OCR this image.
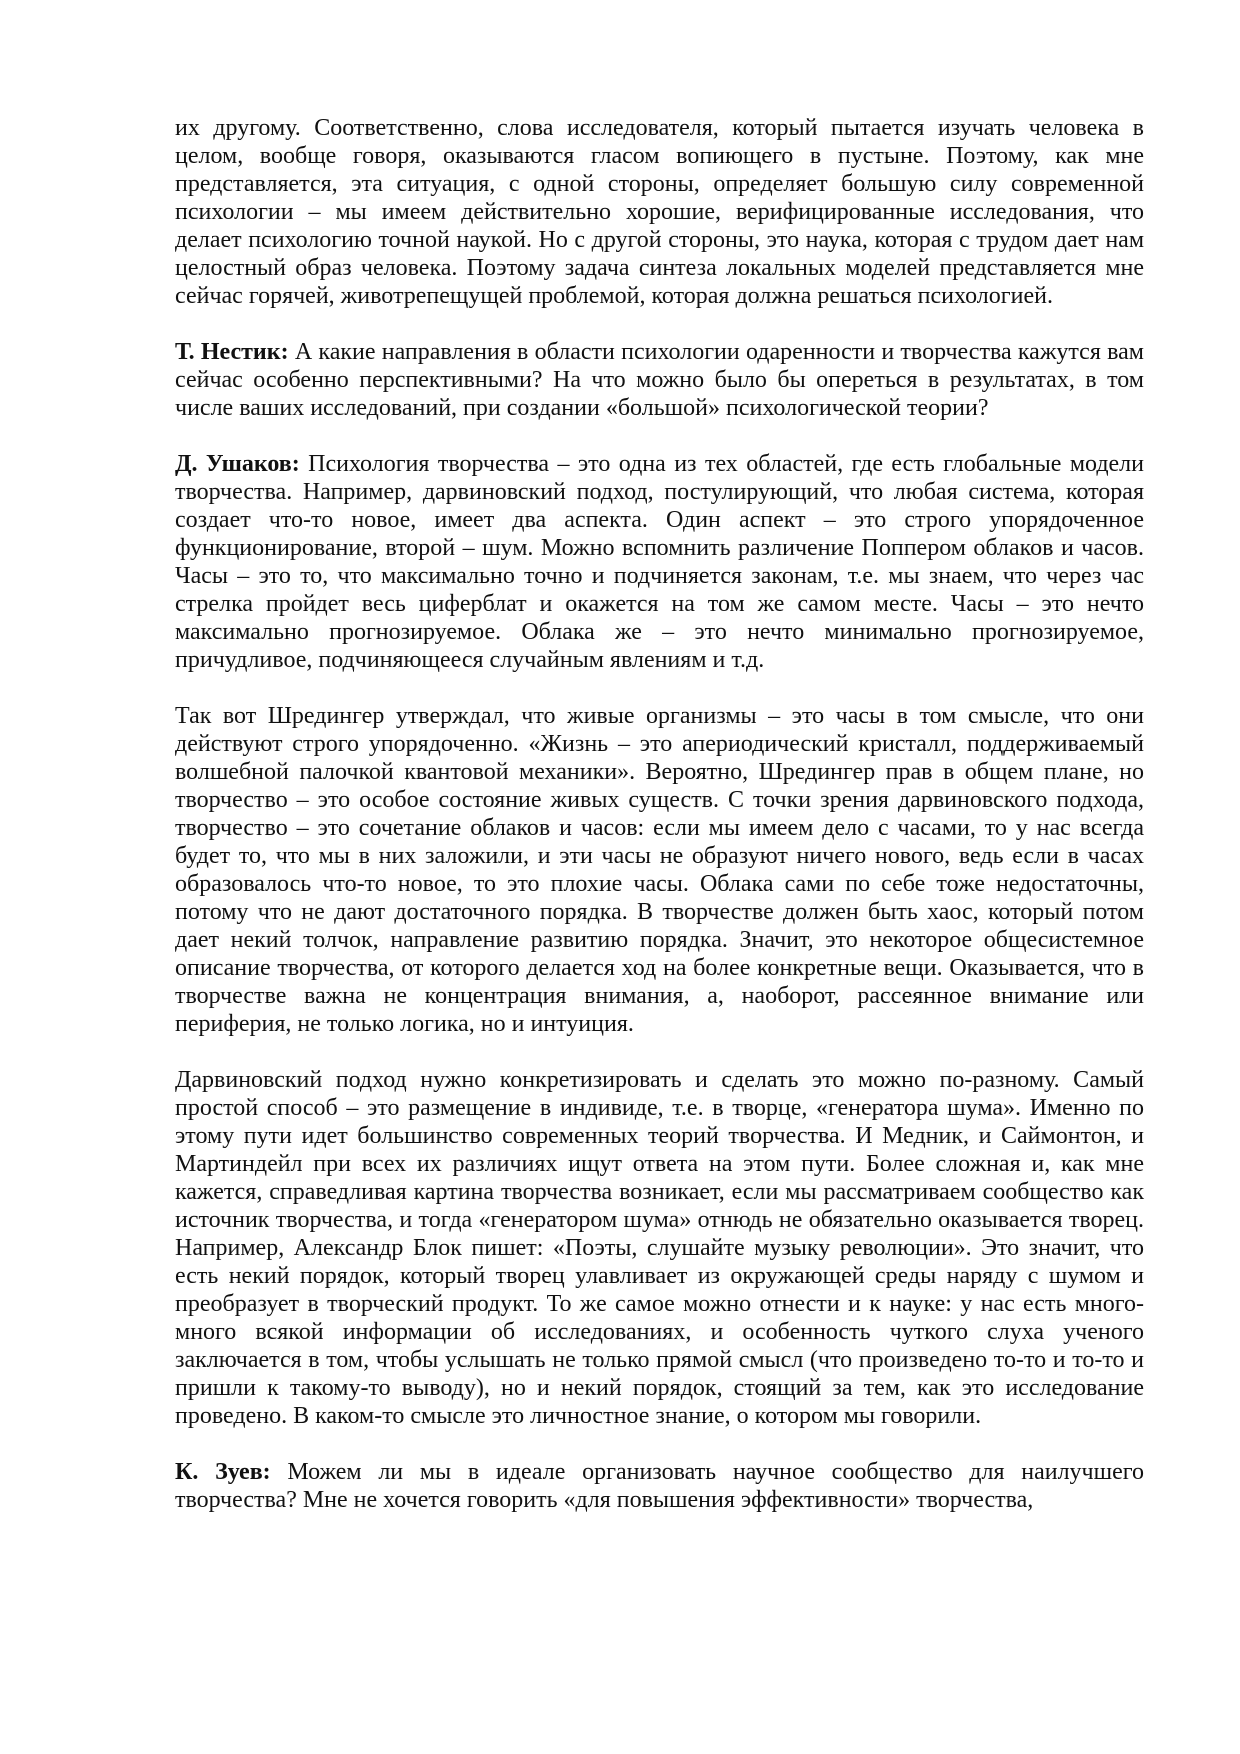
их другому. Соответственно, слова исследователя, который пытается изучать человека в целом, вообще говоря, оказываются гласом вопиющего в пустыне. Поэтому, как мне представляется, эта ситуация, с одной стороны, определяет большую силу современной психологии – мы имеем действительно хорошие, верифицированные исследования, что делает психологию точной наукой. Но с другой стороны, это наука, которая с трудом дает нам целостный образ человека. Поэтому задача синтеза локальных моделей представляется мне сейчас горячей, животрепещущей проблемой, которая должна решаться психологией.

Т. Нестик: А какие направления в области психологии одаренности и творчества кажутся вам сейчас особенно перспективными? На что можно было бы опереться в результатах, в том числе ваших исследований, при создании «большой» психологической теории?

Д. Ушаков: Психология творчества – это одна из тех областей, где есть глобальные модели творчества. Например, дарвиновский подход, постулирующий, что любая система, которая создает что-то новое, имеет два аспекта. Один аспект – это строго упорядоченное функционирование, второй – шум. Можно вспомнить различение Поппером облаков и часов. Часы – это то, что максимально точно и подчиняется законам, т.е. мы знаем, что через час стрелка пройдет весь циферблат и окажется на том же самом месте. Часы – это нечто максимально прогнозируемое. Облака же – это нечто минимально прогнозируемое, причудливое, подчиняющееся случайным явлениям и т.д.

Так вот Шредингер утверждал, что живые организмы – это часы в том смысле, что они действуют строго упорядоченно. «Жизнь – это апериодический кристалл, поддерживаемый волшебной палочкой квантовой механики». Вероятно, Шредингер прав в общем плане, но творчество – это особое состояние живых существ. С точки зрения дарвиновского подхода, творчество – это сочетание облаков и часов: если мы имеем дело с часами, то у нас всегда будет то, что мы в них заложили, и эти часы не образуют ничего нового, ведь если в часах образовалось что-то новое, то это плохие часы. Облака сами по себе тоже недостаточны, потому что не дают достаточного порядка. В творчестве должен быть хаос, который потом дает некий толчок, направление развитию порядка. Значит, это некоторое общесистемное описание творчества, от которого делается ход на более конкретные вещи. Оказывается, что в творчестве важна не концентрация внимания, а, наоборот, рассеянное внимание или периферия, не только логика, но и интуиция.

Дарвиновский подход нужно конкретизировать и сделать это можно по-разному. Самый простой способ – это размещение в индивиде, т.е. в творце, «генератора шума». Именно по этому пути идет большинство современных теорий творчества. И Медник, и Саймонтон, и Мартиндейл при всех их различиях ищут ответа на этом пути. Более сложная и, как мне кажется, справедливая картина творчества возникает, если мы рассматриваем сообщество как источник творчества, и тогда «генератором шума» отнюдь не обязательно оказывается творец. Например, Александр Блок пишет: «Поэты, слушайте музыку революции». Это значит, что есть некий порядок, который творец улавливает из окружающей среды наряду с шумом и преобразует в творческий продукт. То же самое можно отнести и к науке: у нас есть много-много всякой информации об исследованиях, и особенность чуткого слуха ученого заключается в том, чтобы услышать не только прямой смысл (что произведено то-то и то-то и пришли к такому-то выводу), но и некий порядок, стоящий за тем, как это исследование проведено. В каком-то смысле это личностное знание, о котором мы говорили.

К. Зуев: Можем ли мы в идеале организовать научное сообщество для наилучшего творчества? Мне не хочется говорить «для повышения эффективности» творчества,
